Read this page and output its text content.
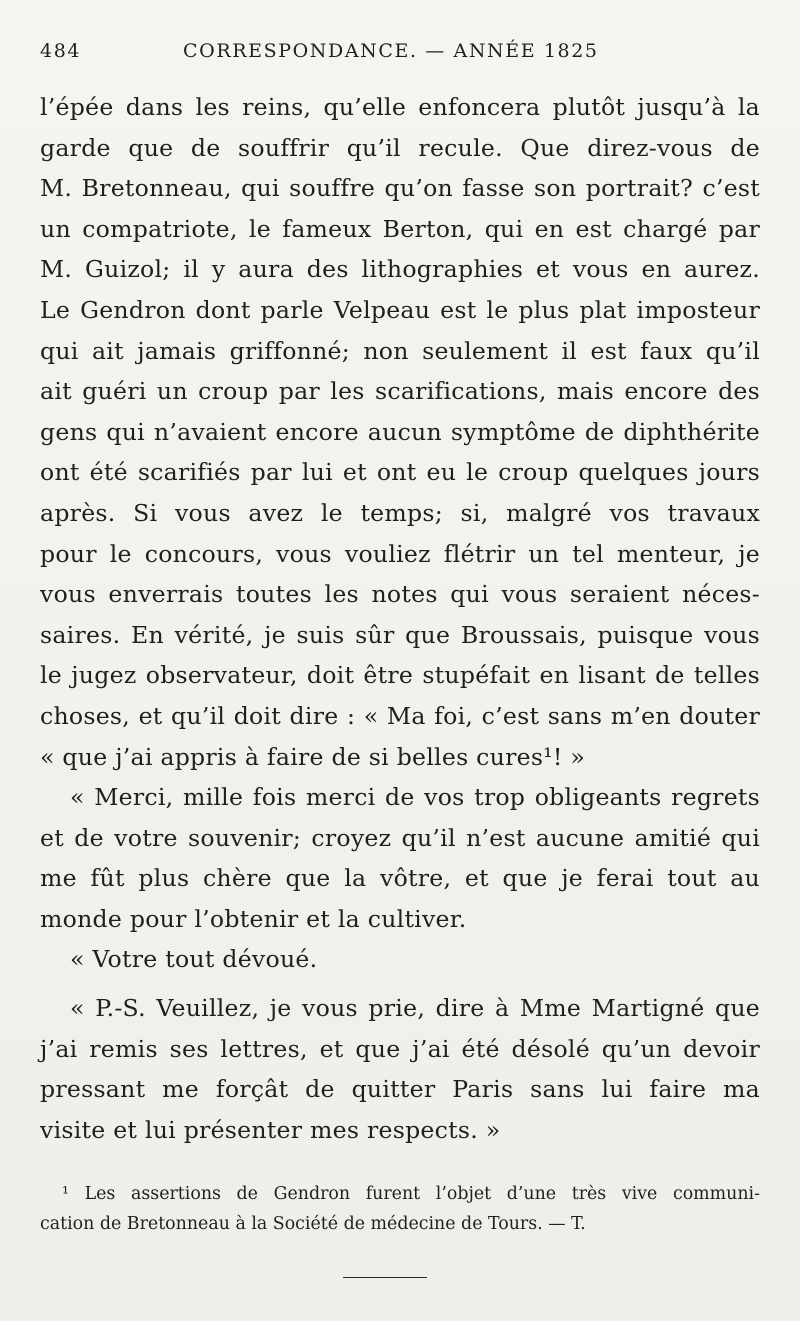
484	CORRESPONDANCE. — ANNÉE 1825
l’épée dans les reins, qu’elle enfoncera plutôt jusqu’à la
garde que de souffrir qu’il recule. Que direz-vous de
M. Bretonneau, qui souffre qu’on fasse son portrait? c’est
un compatriote, le fameux Berton, qui en est chargé par
M. Guizol; il y aura des lithographies et vous en aurez.
Le Gendron dont parle Velpeau est le plus plat imposteur
qui ait jamais griffonné; non seulement il est faux qu’il
ait guéri un croup par les scarifications, mais encore des
gens qui n’avaient encore aucun symptôme de diphthérite
ont été scarifiés par lui et ont eu le croup quelques jours
après. Si vous avez le temps; si, malgré vos travaux
pour le concours, vous vouliez flétrir un tel menteur, je
vous enverrais toutes les notes qui vous seraient néces-
saires. En vérité, je suis sûr que Broussais, puisque vous
le jugez observateur, doit être stupéfait en lisant de telles
choses, et qu’il doit dire : « Ma foi, c’est sans m’en douter
« que j’ai appris à faire de si belles cures¹! »
« Merci, mille fois merci de vos trop obligeants regrets
et de votre souvenir; croyez qu’il n’est aucune amitié qui
me fût plus chère que la vôtre, et que je ferai tout au
monde pour l’obtenir et la cultiver.
« Votre tout dévoué.
« P.-S. Veuillez, je vous prie, dire à Mme Martigné que
j’ai remis ses lettres, et que j’ai été désolé qu’un devoir
pressant me forçât de quitter Paris sans lui faire ma
visite et lui présenter mes respects. »
¹ Les assertions de Gendron furent l’objet d’une très vive communi-
cation de Bretonneau à la Société de médecine de Tours. — T.
